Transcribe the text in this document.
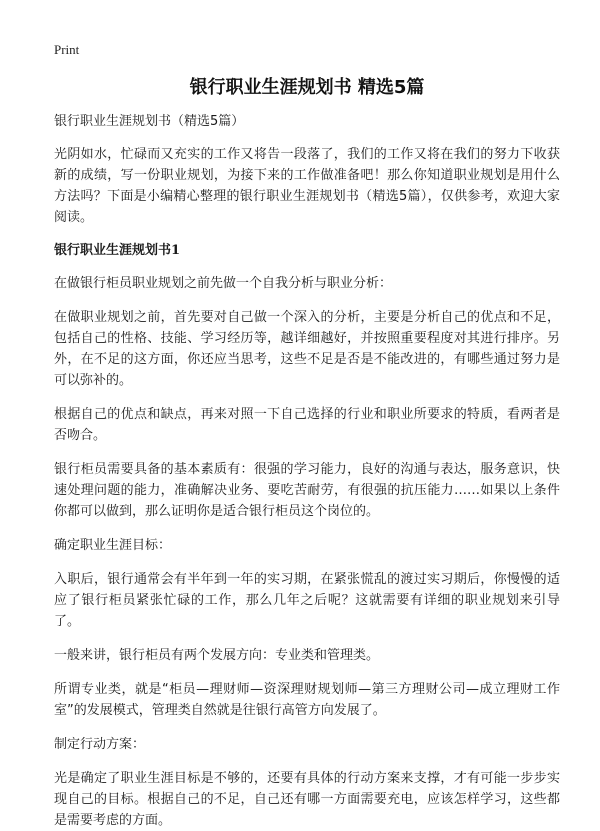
Print
银行职业生涯规划书 精选5篇
银行职业生涯规划书（精选5篇）

光阴如水，忙碌而又充实的工作又将告一段落了，我们的工作又将在我们的努力下收获新的成绩，写一份职业规划，为接下来的工作做准备吧！那么你知道职业规划是用什么方法吗？下面是小编精心整理的银行职业生涯规划书（精选5篇），仅供参考，欢迎大家阅读。

银行职业生涯规划书1

在做银行柜员职业规划之前先做一个自我分析与职业分析：

在做职业规划之前，首先要对自己做一个深入的分析，主要是分析自己的优点和不足，包括自己的性格、技能、学习经历等，越详细越好，并按照重要程度对其进行排序。另外，在不足的这方面，你还应当思考，这些不足是否是不能改进的，有哪些通过努力是可以弥补的。

根据自己的优点和缺点，再来对照一下自己选择的行业和职业所要求的特质，看两者是否吻合。

银行柜员需要具备的基本素质有：很强的学习能力，良好的沟通与表达，服务意识，快速处理问题的能力，准确解决业务、要吃苦耐劳，有很强的抗压能力……如果以上条件你都可以做到，那么证明你是适合银行柜员这个岗位的。

确定职业生涯目标：

入职后，银行通常会有半年到一年的实习期，在紧张慌乱的渡过实习期后，你慢慢的适应了银行柜员紧张忙碌的工作，那么几年之后呢？这就需要有详细的职业规划来引导了。

一般来讲，银行柜员有两个发展方向：专业类和管理类。

所谓专业类，就是“柜员—理财师—资深理财规划师—第三方理财公司—成立理财工作室”的发展模式，管理类自然就是往银行高管方向发展了。

制定行动方案：

光是确定了职业生涯目标是不够的，还要有具体的行动方案来支撑，才有可能一步步实现自己的目标。根据自己的不足，自己还有哪一方面需要充电，应该怎样学习，这些都是需要考虑的方面。
